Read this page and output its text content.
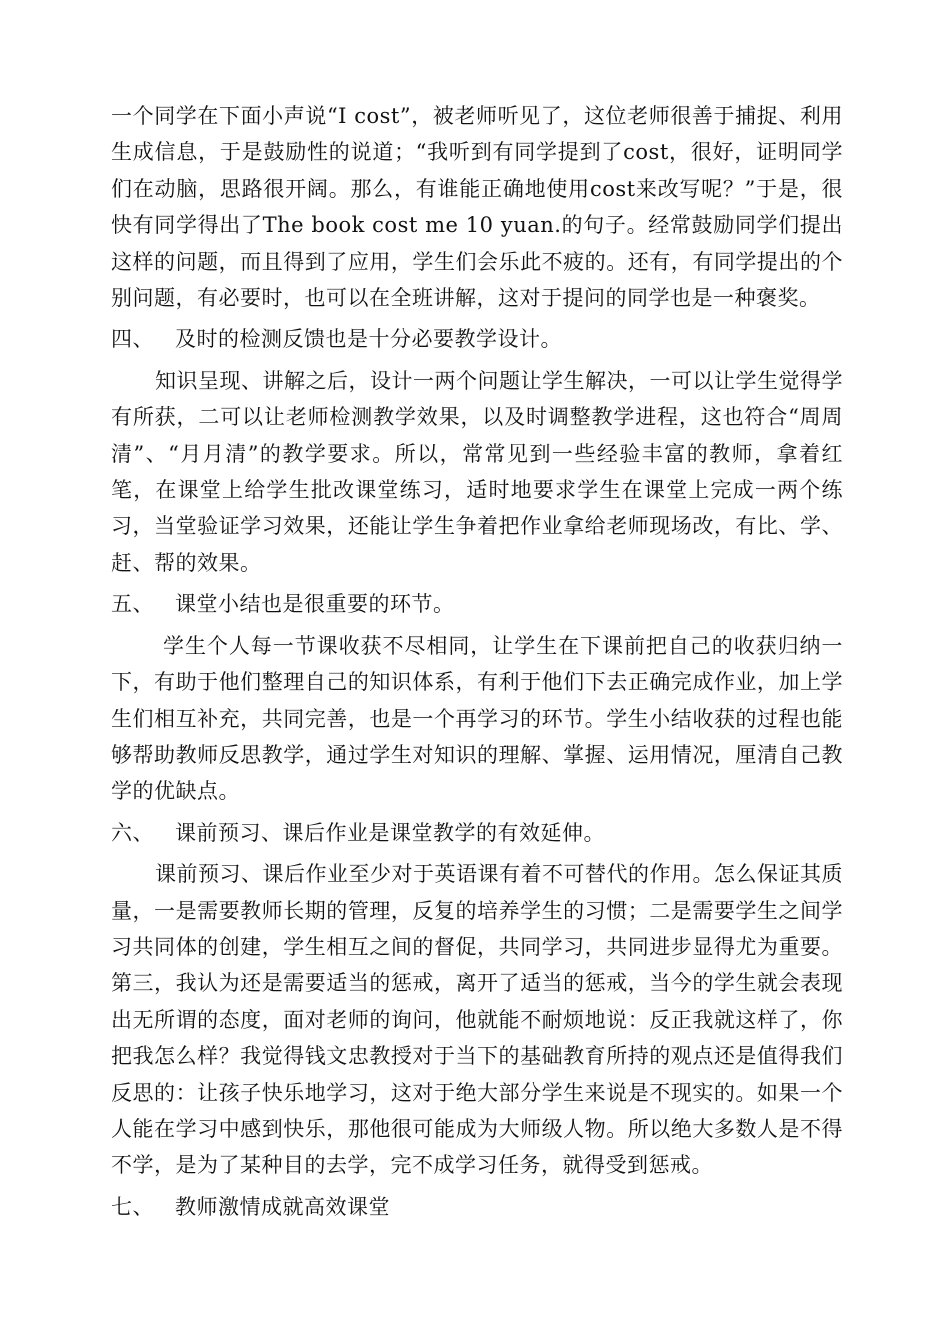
一个同学在下面小声说“I cost”，被老师听见了，这位老师很善于捕捉、利用生成信息，于是鼓励性的说道；“我听到有同学提到了cost，很好，证明同学们在动脑，思路很开阔。那么，有谁能正确地使用cost来改写呢？”于是，很快有同学得出了The book cost me 10 yuan.的句子。经常鼓励同学们提出这样的问题，而且得到了应用，学生们会乐此不疲的。还有，有同学提出的个别问题，有必要时，也可以在全班讲解，这对于提问的同学也是一种褒奖。

四、	及时的检测反馈也是十分必要教学设计。

知识呈现、讲解之后，设计一两个问题让学生解决，一可以让学生觉得学有所获，二可以让老师检测教学效果，以及时调整教学进程，这也符合“周周清”、“月月清”的教学要求。所以，常常见到一些经验丰富的教师，拿着红笔，在课堂上给学生批改课堂练习，适时地要求学生在课堂上完成一两个练习，当堂验证学习效果，还能让学生争着把作业拿给老师现场改，有比、学、赶、帮的效果。

五、	课堂小结也是很重要的环节。

学生个人每一节课收获不尽相同，让学生在下课前把自己的收获归纳一下，有助于他们整理自己的知识体系，有利于他们下去正确完成作业，加上学生们相互补充，共同完善，也是一个再学习的环节。学生小结收获的过程也能够帮助教师反思教学，通过学生对知识的理解、掌握、运用情况，厘清自己教学的优缺点。

六、	课前预习、课后作业是课堂教学的有效延伸。

课前预习、课后作业至少对于英语课有着不可替代的作用。怎么保证其质量，一是需要教师长期的管理，反复的培养学生的习惯；二是需要学生之间学习共同体的创建，学生相互之间的督促，共同学习，共同进步显得尤为重要。第三，我认为还是需要适当的惩戒，离开了适当的惩戒，当今的学生就会表现出无所谓的态度，面对老师的询问，他就能不耐烦地说：反正我就这样了，你把我怎么样？我觉得钱文忠教授对于当下的基础教育所持的观点还是值得我们反思的：让孩子快乐地学习，这对于绝大部分学生来说是不现实的。如果一个人能在学习中感到快乐，那他很可能成为大师级人物。所以绝大多数人是不得不学，是为了某种目的去学，完不成学习任务，就得受到惩戒。

七、	教师激情成就高效课堂
